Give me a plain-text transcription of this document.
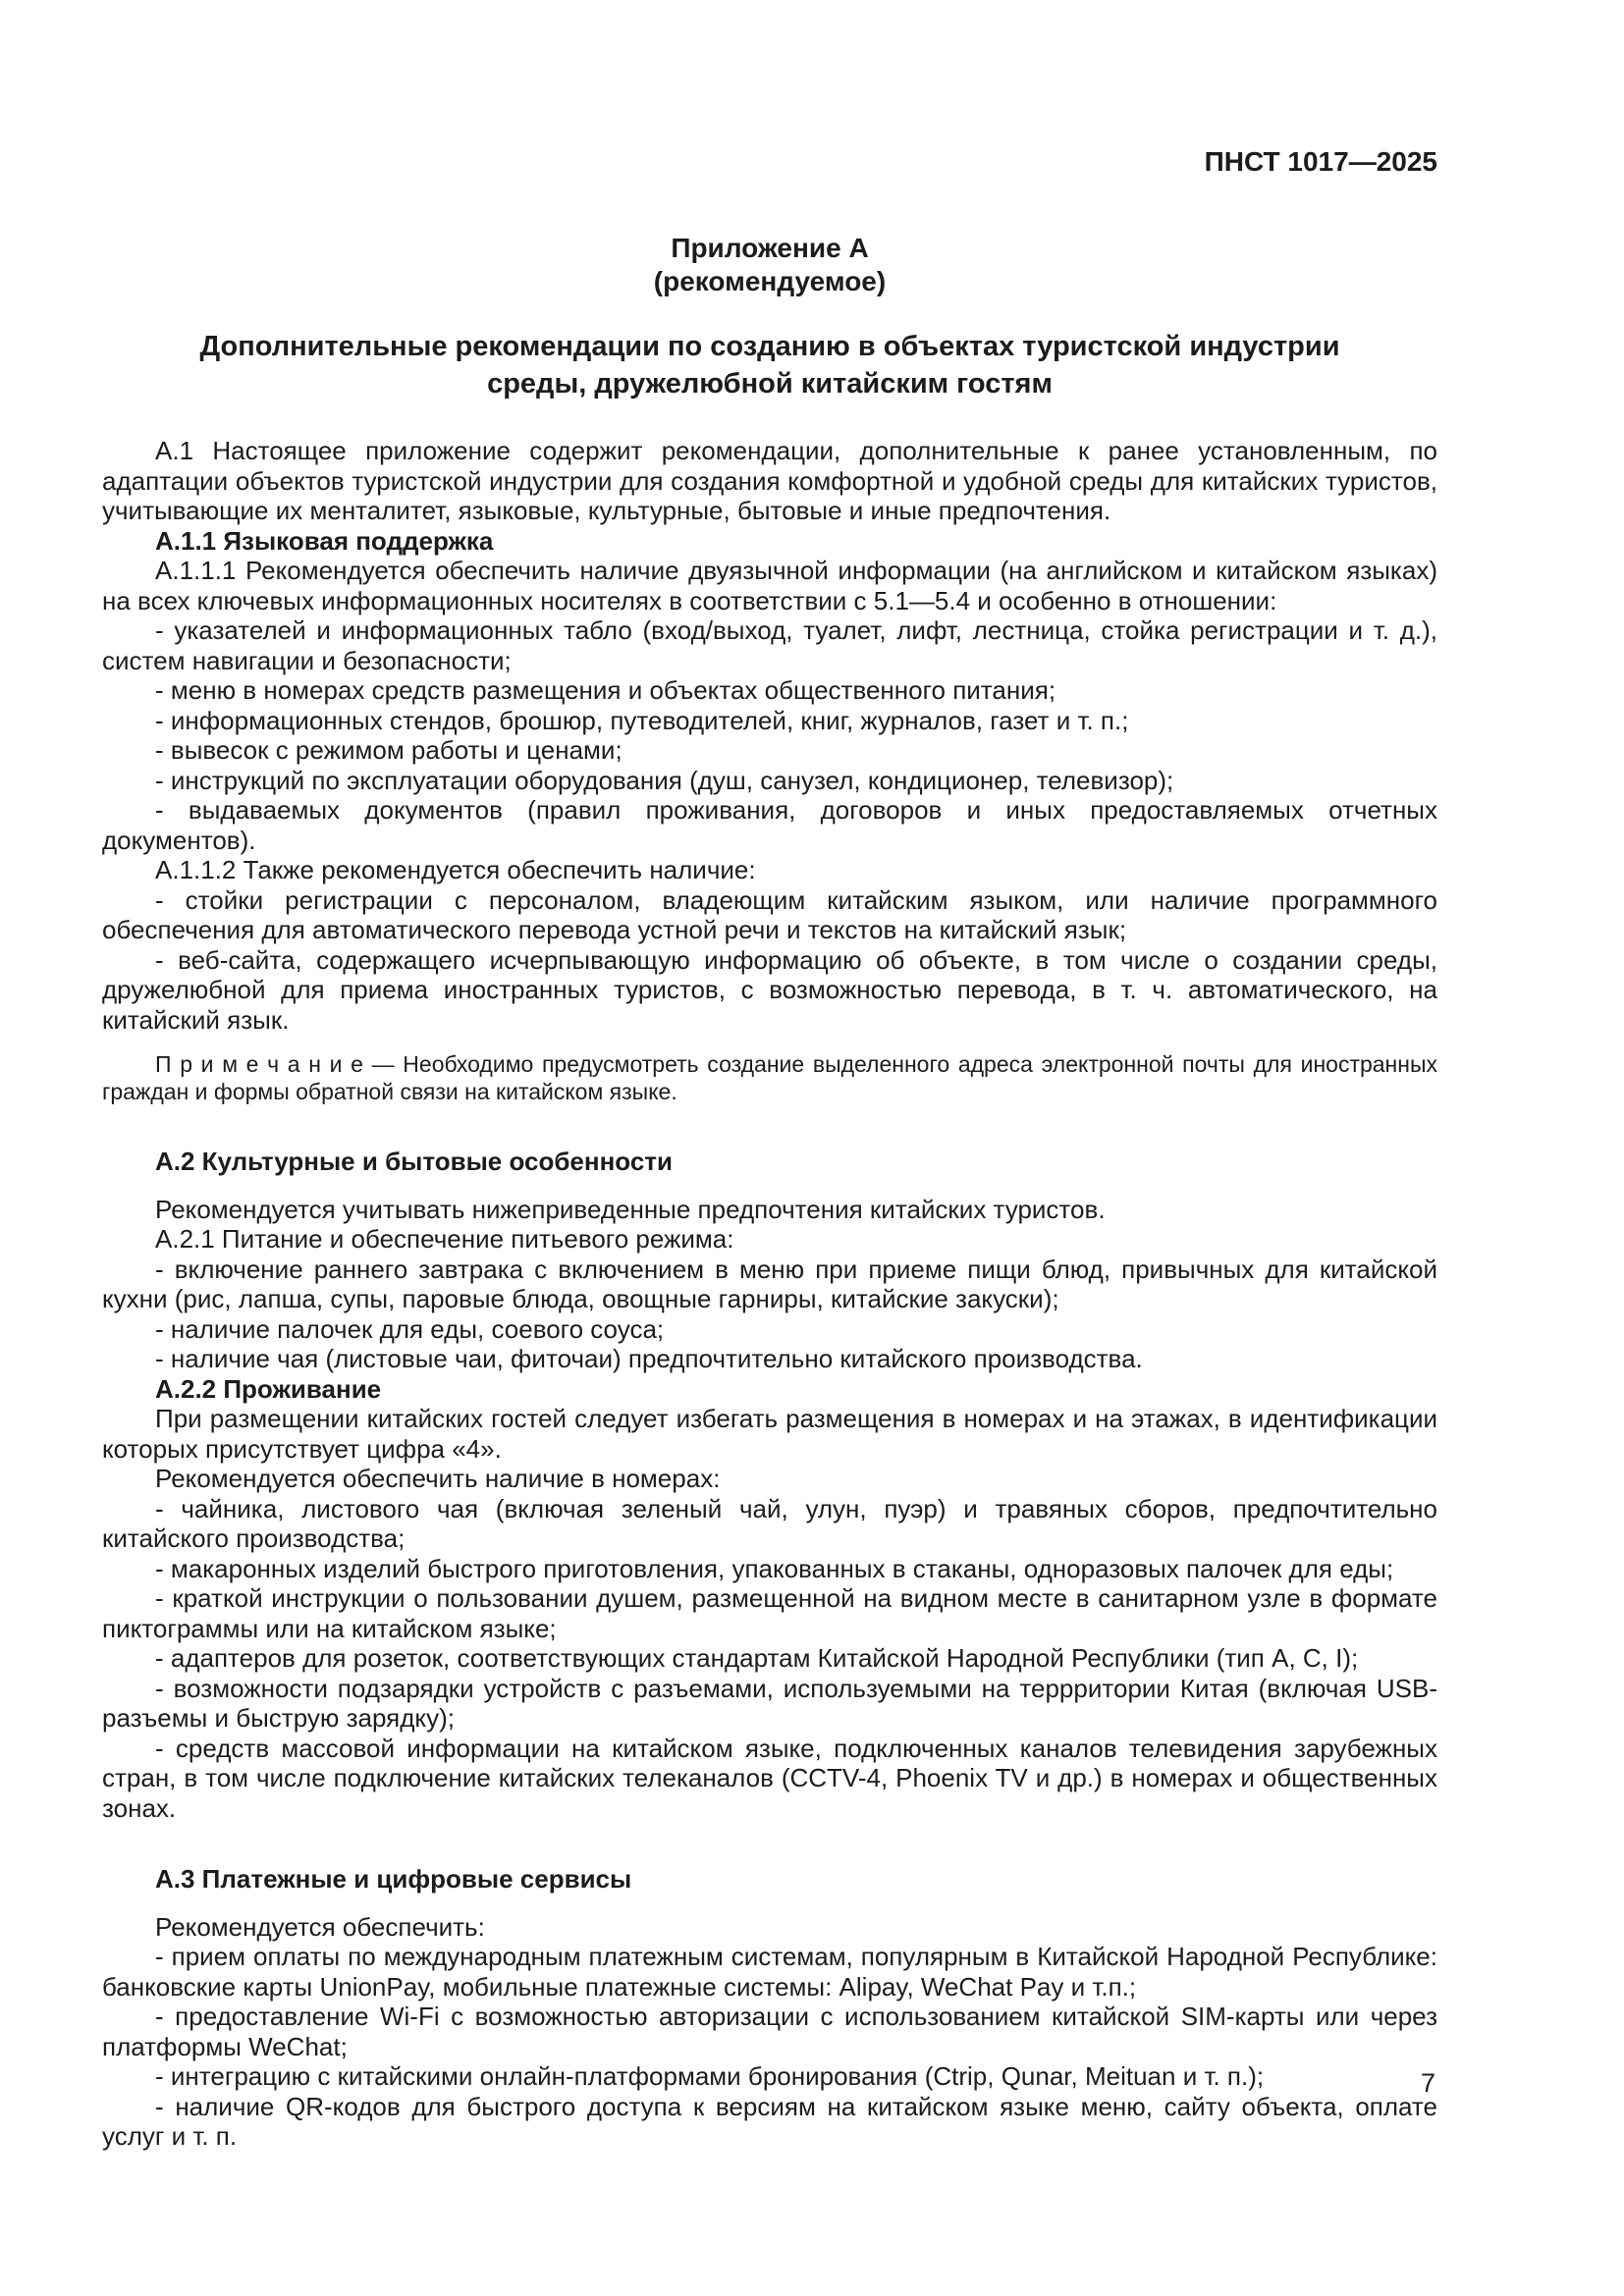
ПНСТ 1017—2025

Приложение А

(рекомендуемое)

Дополнительные рекомендации по созданию в объектах туристской индустрии среды, дружелюбной китайским гостям

А.1 Настоящее приложение содержит рекомендации, дополнительные к ранее установленным, по адаптации объектов туристской индустрии для создания комфортной и удобной среды для китайских туристов, учитывающие их менталитет, языковые, культурные, бытовые и иные предпочтения.

А.1.1 Языковая поддержка

А.1.1.1 Рекомендуется обеспечить наличие двуязычной информации (на английском и китайском языках) на всех ключевых информационных носителях в соответствии с 5.1—5.4 и особенно в отношении:

- указателей и информационных табло (вход/выход, туалет, лифт, лестница, стойка регистрации и т. д.), систем навигации и безопасности;

- меню в номерах средств размещения и объектах общественного питания;

- информационных стендов, брошюр, путеводителей, книг, журналов, газет и т. п.;

- вывесок с режимом работы и ценами;

- инструкций по эксплуатации оборудования (душ, санузел, кондиционер, телевизор);

- выдаваемых документов (правил проживания, договоров и иных предоставляемых отчетных документов).

А.1.1.2 Также рекомендуется обеспечить наличие:

- стойки регистрации с персоналом, владеющим китайским языком, или наличие программного обеспечения для автоматического перевода устной речи и текстов на китайский язык;

- веб-сайта, содержащего исчерпывающую информацию об объекте, в том числе о создании среды, дружелюбной для приема иностранных туристов, с возможностью перевода, в т. ч. автоматического, на китайский язык.

П р и м е ч а н и е — Необходимо предусмотреть создание выделенного адреса электронной почты для иностранных граждан и формы обратной связи на китайском языке.

А.2 Культурные и бытовые особенности

Рекомендуется учитывать нижеприведенные предпочтения китайских туристов.

А.2.1 Питание и обеспечение питьевого режима:

- включение раннего завтрака с включением в меню при приеме пищи блюд, привычных для китайской кухни (рис, лапша, супы, паровые блюда, овощные гарниры, китайские закуски);

- наличие палочек для еды, соевого соуса;

- наличие чая (листовые чаи, фиточаи) предпочтительно китайского производства.

А.2.2 Проживание

При размещении китайских гостей следует избегать размещения в номерах и на этажах, в идентификации которых присутствует цифра «4».

Рекомендуется обеспечить наличие в номерах:

- чайника, листового чая (включая зеленый чай, улун, пуэр) и травяных сборов, предпочтительно китайского производства;

- макаронных изделий быстрого приготовления, упакованных в стаканы, одноразовых палочек для еды;

- краткой инструкции о пользовании душем, размещенной на видном месте в санитарном узле в формате пиктограммы или на китайском языке;

- адаптеров для розеток, соответствующих стандартам Китайской Народной Республики (тип А, С, I);

- возможности подзарядки устройств с разъемами, используемыми на террритории Китая (включая USB-разъемы и быструю зарядку);

- средств массовой информации на китайском языке, подключенных каналов телевидения зарубежных стран, в том числе подключение китайских телеканалов (CCTV-4, Phoenix TV и др.) в номерах и общественных зонах.

А.3 Платежные и цифровые сервисы

Рекомендуется обеспечить:

- прием оплаты по международным платежным системам, популярным в Китайской Народной Республике: банковские карты UnionPay, мобильные платежные системы: Alipay, WeChat Pay и т.п.;

- предоставление Wi-Fi с возможностью авторизации с использованием китайской SIM-карты или через платформы WeChat;

- интеграцию с китайскими онлайн-платформами бронирования (Ctrip, Qunar, Meituan и т. п.);

- наличие QR-кодов для быстрого доступа к версиям на китайском языке меню, сайту объекта, оплате услуг и т. п.

7
